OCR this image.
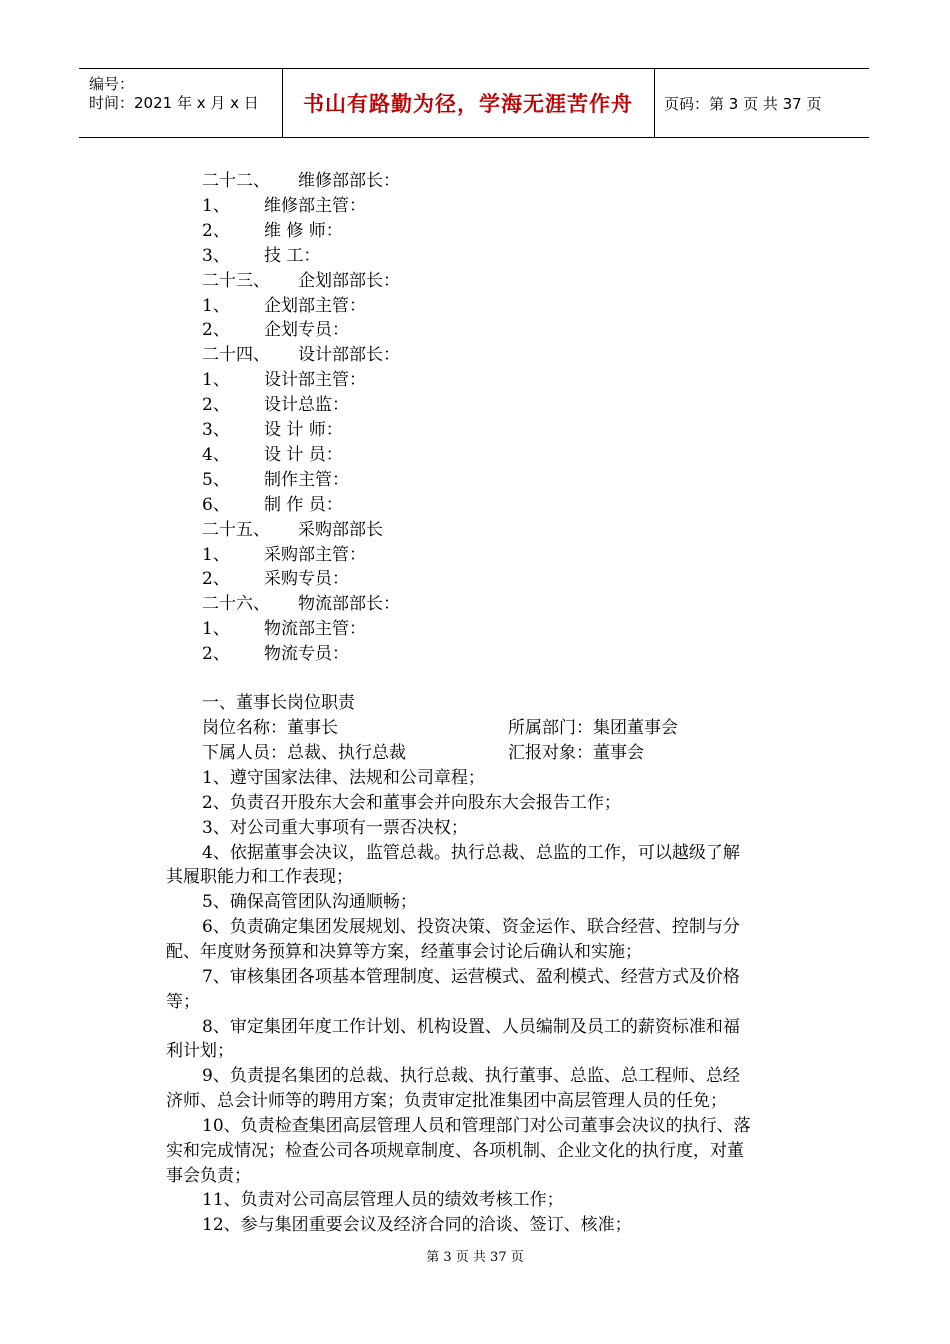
编号：
时间：2021 年 x 月 x 日 书山有路勤为径，学海无涯苦作舟 页码：第 3 页 共 37 页
二十二、 维修部部长：
1、 维修部主管：
2、 维 修 师：
3、 技 工：
二十三、 企划部部长：
1、 企划部主管：
2、 企划专员：
二十四、 设计部部长：
1、 设计部主管：
2、 设计总监：
3、 设 计 师：
4、 设 计 员：
5、 制作主管：
6、 制 作 员：
二十五、 采购部部长
1、 采购部主管：
2、 采购专员：
二十六、 物流部部长：
1、 物流部主管：
2、 物流专员：
一、董事长岗位职责
岗位名称：董事长	所属部门：集团董事会
下属人员：总裁、执行总裁	汇报对象：董事会
1、遵守国家法律、法规和公司章程；
2、负责召开股东大会和董事会并向股东大会报告工作；
3、对公司重大事项有一票否决权；
4、依据董事会决议，监管总裁。执行总裁、总监的工作，可以越级了解
其履职能力和工作表现；
5、确保高管团队沟通顺畅；
6、负责确定集团发展规划、投资决策、资金运作、联合经营、控制与分
配、年度财务预算和决算等方案，经董事会讨论后确认和实施；
7、审核集团各项基本管理制度、运营模式、盈利模式、经营方式及价格
等；
8、审定集团年度工作计划、机构设置、人员编制及员工的薪资标准和福
利计划；
9、负责提名集团的总裁、执行总裁、执行董事、总监、总工程师、总经
济师、总会计师等的聘用方案；负责审定批准集团中高层管理人员的任免；
10、负责检查集团高层管理人员和管理部门对公司董事会决议的执行、落
实和完成情况；检查公司各项规章制度、各项机制、企业文化的执行度，对董
事会负责；
11、负责对公司高层管理人员的绩效考核工作；
12、参与集团重要会议及经济合同的洽谈、签订、核准；
第 3 页 共 37 页
